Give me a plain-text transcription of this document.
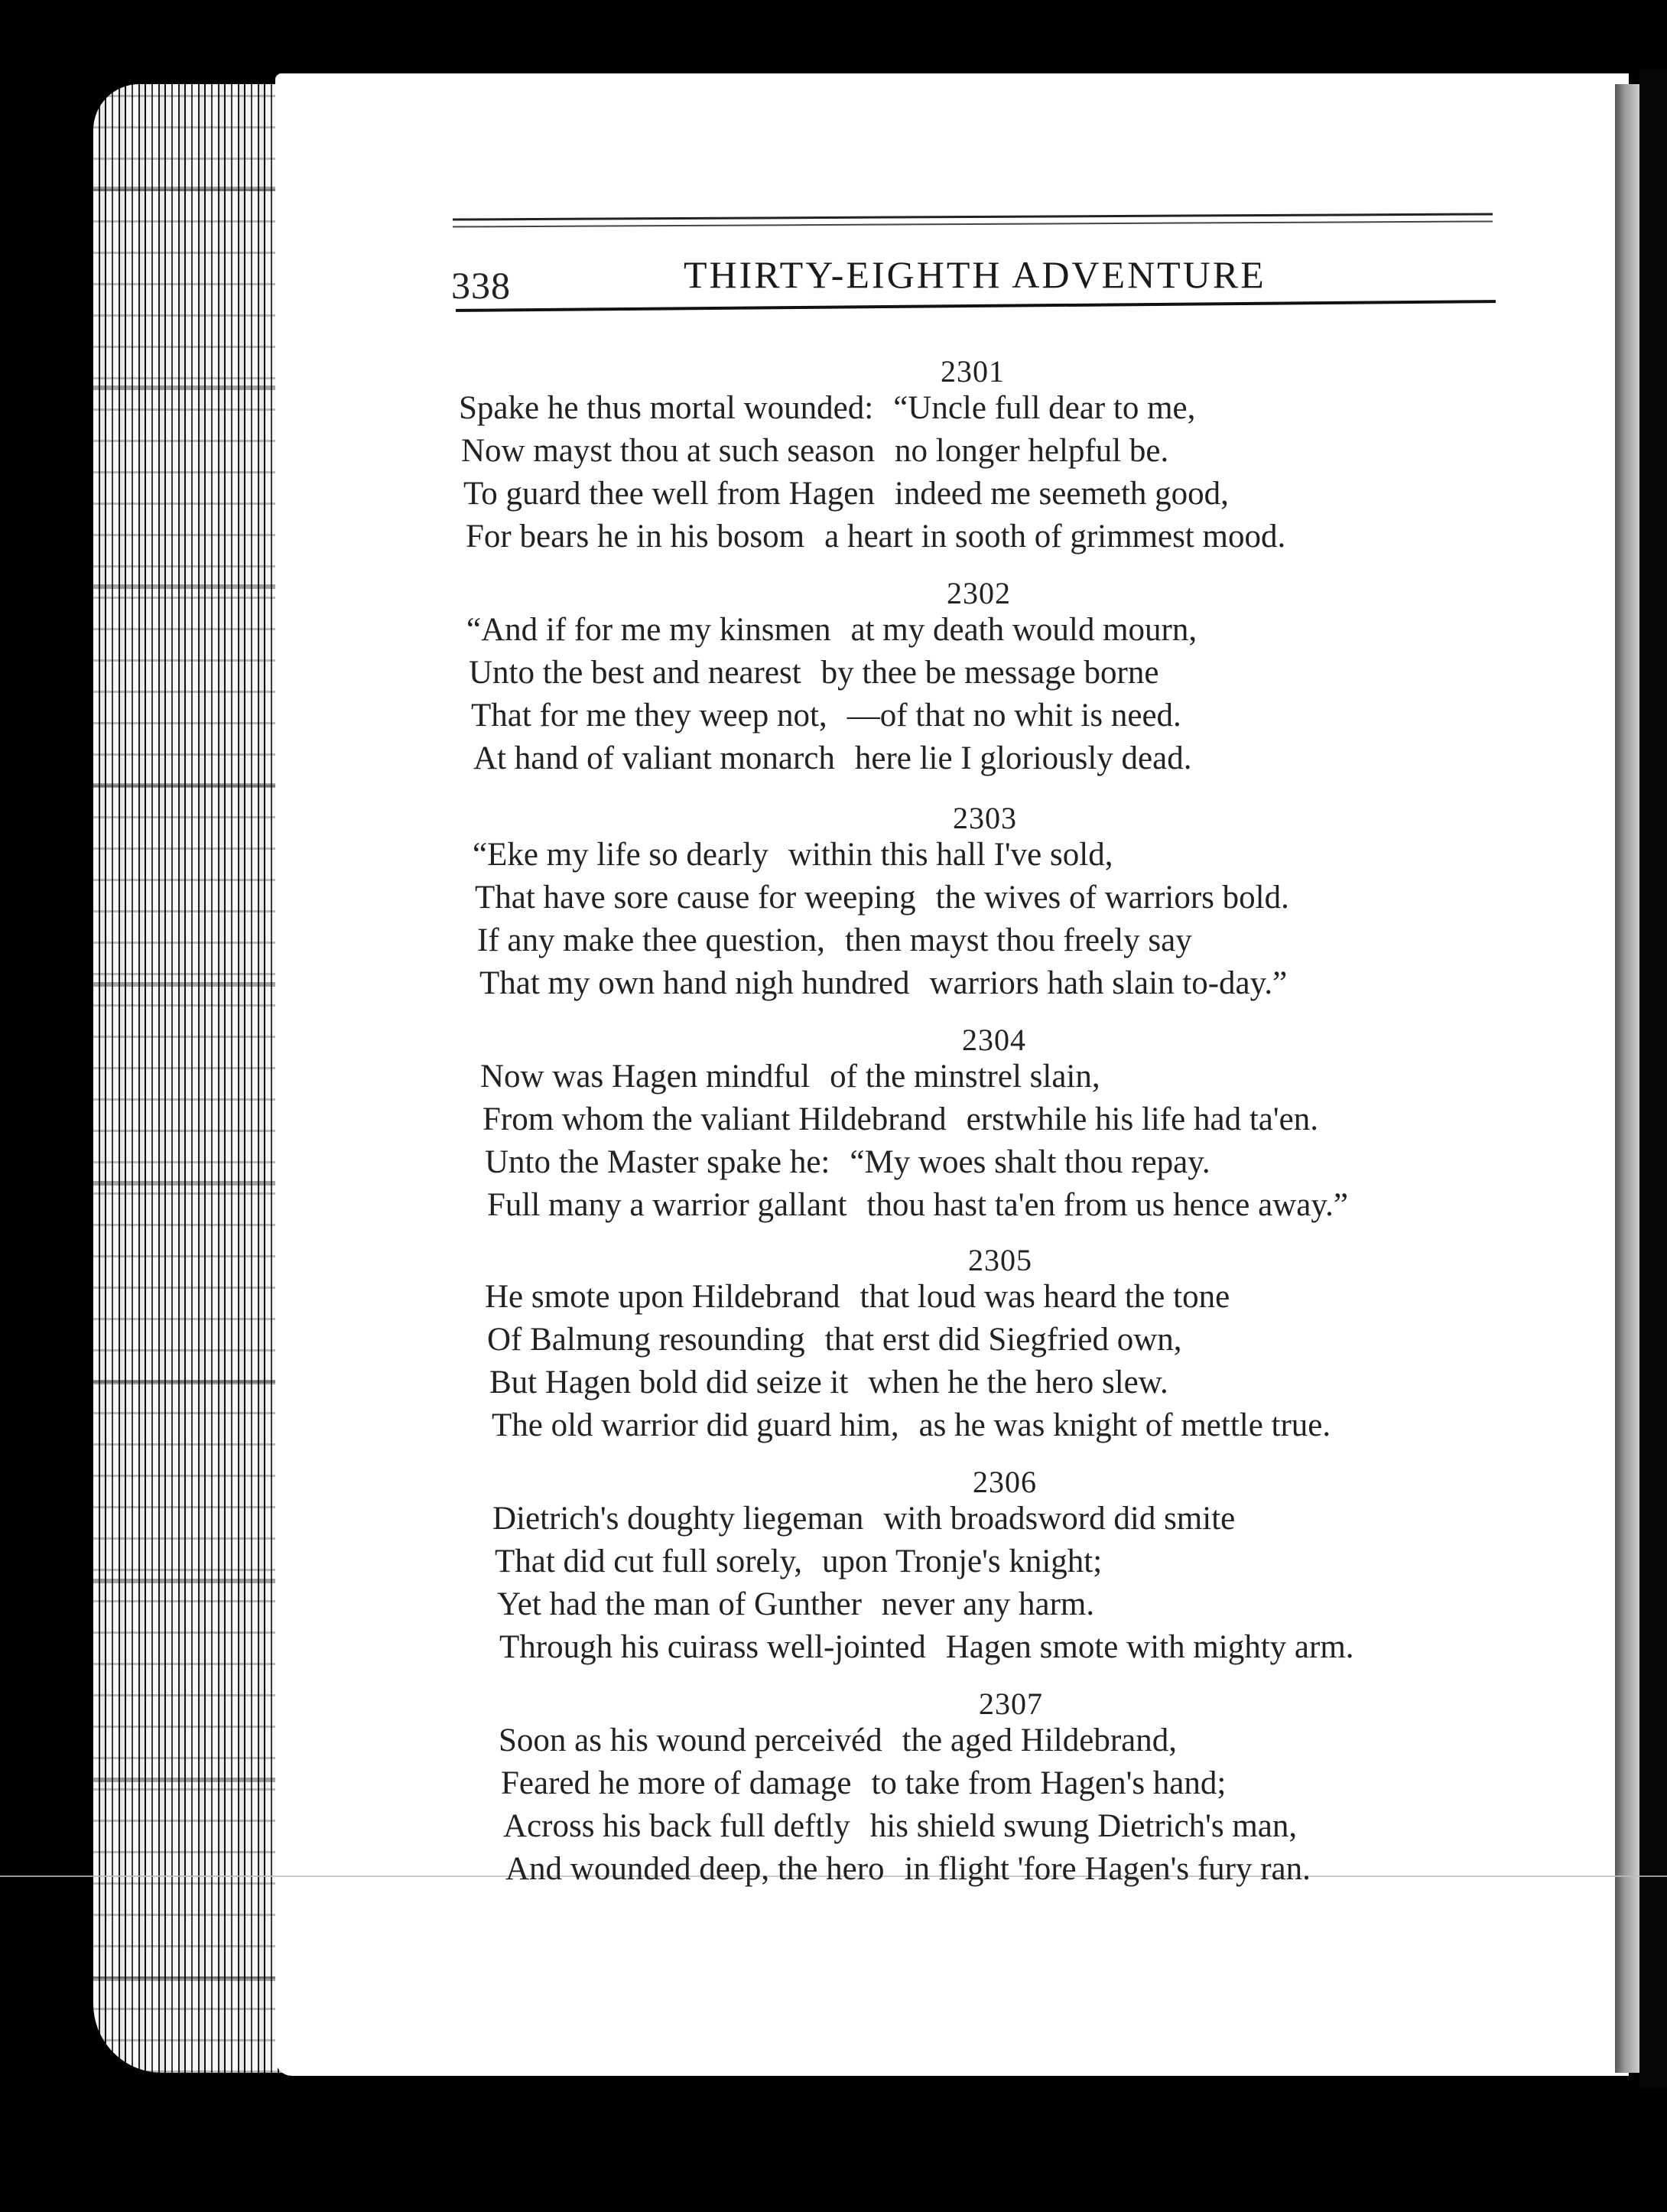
338	THIRTY-EIGHTH ADVENTURE
2301
Spake he thus mortal wounded: “Uncle full dear to me,
Now mayst thou at such season no longer helpful be.
To guard thee well from Hagen indeed me seemeth good,
For bears he in his bosom a heart in sooth of grimmest mood.
2302
“And if for me my kinsmen at my death would mourn,
Unto the best and nearest by thee be message borne
That for me they weep not, —of that no whit is need.
At hand of valiant monarch here lie I gloriously dead.
2303
“Eke my life so dearly within this hall I've sold,
That have sore cause for weeping the wives of warriors bold.
If any make thee question, then mayst thou freely say
That my own hand nigh hundred warriors hath slain to-day.”
2304
Now was Hagen mindful of the minstrel slain,
From whom the valiant Hildebrand erstwhile his life had ta'en.
Unto the Master spake he: “My woes shalt thou repay.
Full many a warrior gallant thou hast ta'en from us hence away.”
2305
He smote upon Hildebrand that loud was heard the tone
Of Balmung resounding that erst did Siegfried own,
But Hagen bold did seize it when he the hero slew.
The old warrior did guard him, as he was knight of mettle true.
2306
Dietrich's doughty liegeman with broadsword did smite
That did cut full sorely, upon Tronje's knight;
Yet had the man of Gunther never any harm.
Through his cuirass well-jointed Hagen smote with mighty arm.
2307
Soon as his wound perceivéd the aged Hildebrand,
Feared he more of damage to take from Hagen's hand;
Across his back full deftly his shield swung Dietrich's man,
And wounded deep, the hero in flight 'fore Hagen's fury ran.
